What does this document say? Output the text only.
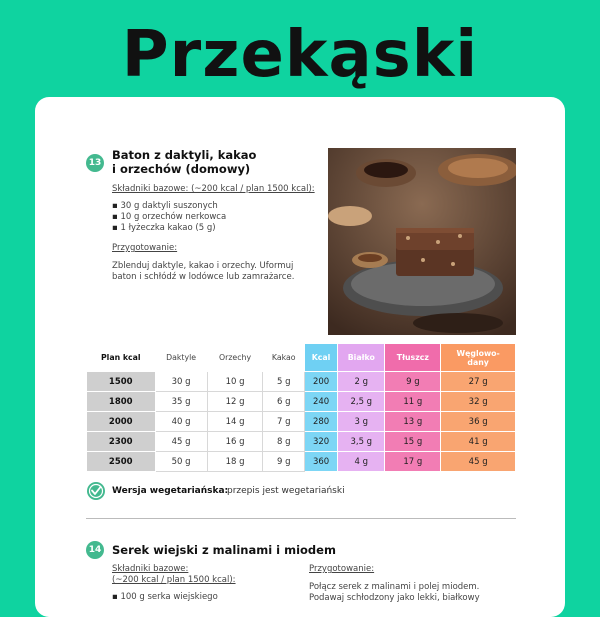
Przekąski
13
Baton z daktyli, kakao
i orzechów (domowy)
Składniki bazowe: (~200 kcal / plan 1500 kcal):
▪ 30 g daktyli suszonych
▪ 10 g orzechów nerkowca
▪ 1 łyżeczka kakao (5 g)
Przygotowanie:
Zblenduj daktyle, kakao i orzechy. Uformuj
baton i schłódź w lodówce lub zamrażarce.
Plan kcal	Daktyle	Orzechy	Kakao	Kcal	Białko	Tłuszcz	Węglowo-
dany

1500	30 g	10 g	5 g	200	2 g	9 g	27 g
1800	35 g	12 g	6 g	240	2,5 g	11 g	32 g
2000	40 g	14 g	7 g	280	3 g	13 g	36 g
2300	45 g	16 g	8 g	320	3,5 g	15 g	41 g
2500	50 g	18 g	9 g	360	4 g	17 g	45 g
Wersja wegetariańska:
przepis jest wegetariański
14 Serek wiejski z malinami i miodem
Składniki bazowe:
(~200 kcal / plan 1500 kcal):
▪ 100 g serka wiejskiego
Przygotowanie:
Połącz serek z malinami i polej miodem.
Podawaj schłodzony jako lekki, białkowy
